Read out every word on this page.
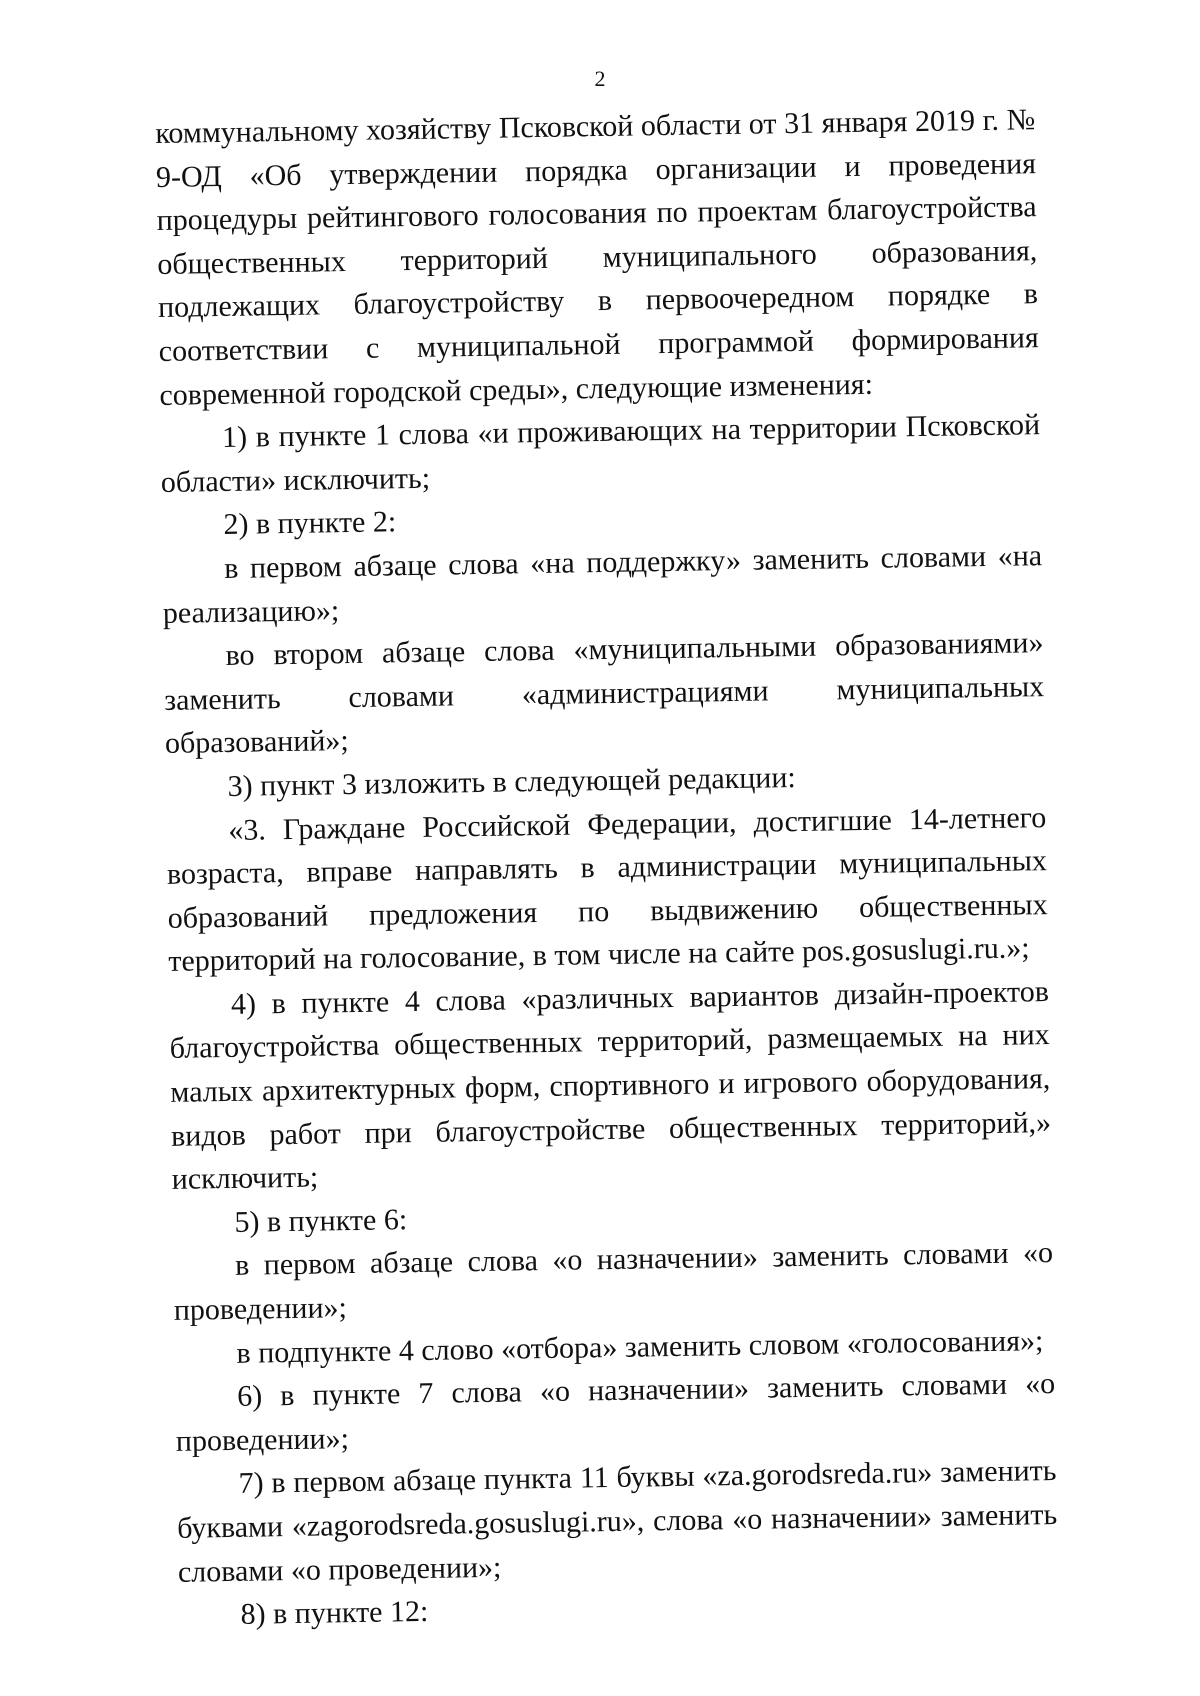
2

коммунальному хозяйству Псковской области от 31 января 2019 г. № 9-ОД «Об утверждении порядка организации и проведения процедуры рейтингового голосования по проектам благоустройства общественных территорий муниципального образования, подлежащих благоустройству в первоочередном порядке в соответствии с муниципальной программой формирования современной городской среды», следующие изменения:

1) в пункте 1 слова «и проживающих на территории Псковской области» исключить;

2) в пункте 2:

в первом абзаце слова «на поддержку» заменить словами «на реализацию»;

во втором абзаце слова «муниципальными образованиями» заменить словами «администрациями муниципальных образований»;

3) пункт 3 изложить в следующей редакции:

«3. Граждане Российской Федерации, достигшие 14-летнего возраста, вправе направлять в администрации муниципальных образований предложения по выдвижению общественных территорий на голосование, в том числе на сайте pos.gosuslugi.ru.»;

4) в пункте 4 слова «различных вариантов дизайн-проектов благоустройства общественных территорий, размещаемых на них малых архитектурных форм, спортивного и игрового оборудования, видов работ при благоустройстве общественных территорий,» исключить;

5) в пункте 6:

в первом абзаце слова «о назначении» заменить словами «о проведении»;

в подпункте 4 слово «отбора» заменить словом «голосования»;

6) в пункте 7 слова «о назначении» заменить словами «о проведении»;

7) в первом абзаце пункта 11 буквы «za.gorodsreda.ru» заменить буквами «zagorodsreda.gosuslugi.ru», слова «о назначении» заменить словами «о проведении»;

8) в пункте 12:
